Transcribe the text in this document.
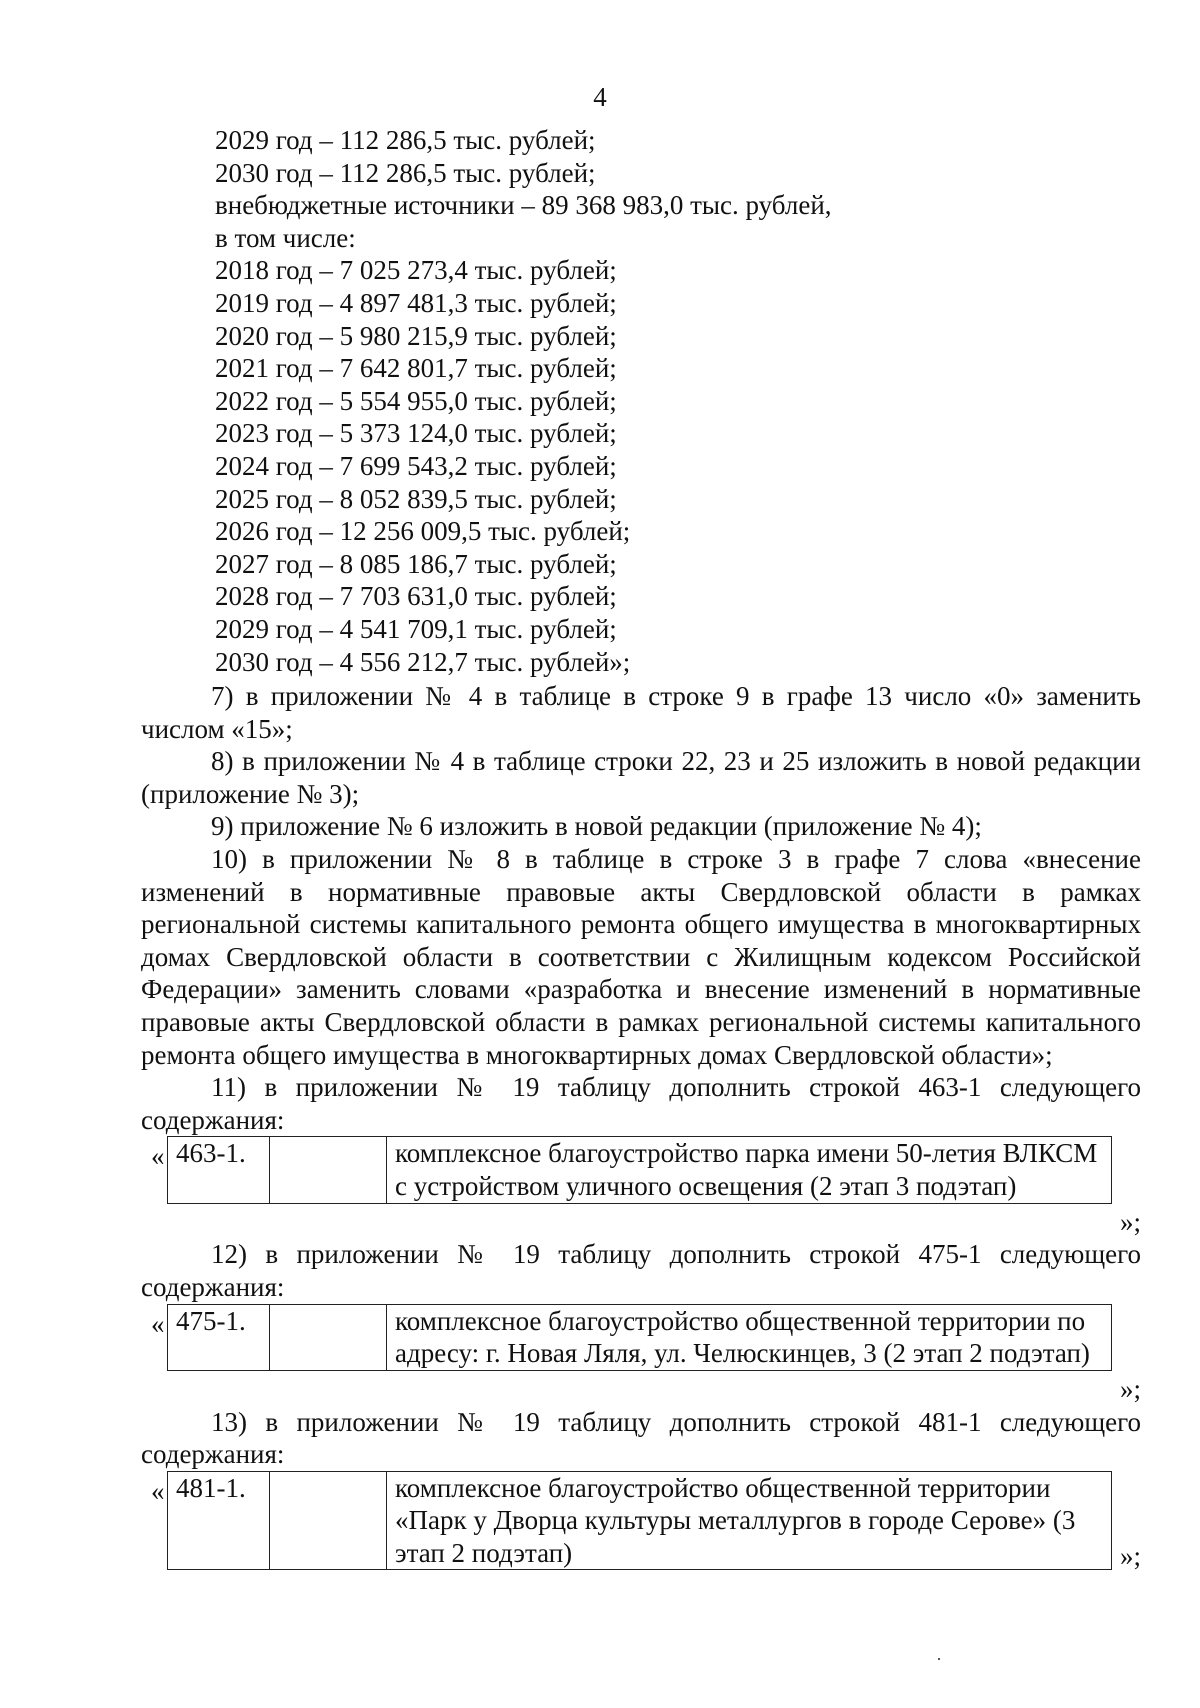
4
2029 год – 112 286,5 тыс. рублей;
2030 год – 112 286,5 тыс. рублей;
внебюджетные источники – 89 368 983,0 тыс. рублей,
в том числе:
2018 год – 7 025 273,4 тыс. рублей;
2019 год – 4 897 481,3 тыс. рублей;
2020 год – 5 980 215,9 тыс. рублей;
2021 год – 7 642 801,7 тыс. рублей;
2022 год – 5 554 955,0 тыс. рублей;
2023 год – 5 373 124,0 тыс. рублей;
2024 год – 7 699 543,2 тыс. рублей;
2025 год – 8 052 839,5 тыс. рублей;
2026 год – 12 256 009,5 тыс. рублей;
2027 год – 8 085 186,7 тыс. рублей;
2028 год – 7 703 631,0 тыс. рублей;
2029 год – 4 541 709,1 тыс. рублей;
2030 год – 4 556 212,7 тыс. рублей»;

7) в приложении № 4 в таблице в строке 9 в графе 13 число «0» заменить числом «15»;

8) в приложении № 4 в таблице строки 22, 23 и 25 изложить в новой редакции (приложение № 3);

9) приложение № 6 изложить в новой редакции (приложение № 4);

10) в приложении № 8 в таблице в строке 3 в графе 7 слова «внесение изменений в нормативные правовые акты Свердловской области в рамках региональной системы капитального ремонта общего имущества в многоквартирных домах Свердловской области в соответствии с Жилищным кодексом Российской Федерации» заменить словами «разработка и внесение изменений в нормативные правовые акты Свердловской области в рамках региональной системы капитального ремонта общего имущества в многоквартирных домах Свердловской области»;

11) в приложении № 19 таблицу дополнить строкой 463-1 следующего содержания:

« 463-1.		комплексное благоустройство парка имени 50-летия ВЛКСМ с устройством уличного освещения (2 этап 3 подэтап)
»;

12) в приложении № 19 таблицу дополнить строкой 475-1 следующего содержания:

« 475-1.		комплексное благоустройство общественной территории по адресу: г. Новая Ляля, ул. Челюскинцев, 3 (2 этап 2 подэтап)
»;

13) в приложении № 19 таблицу дополнить строкой 481-1 следующего содержания:

« 481-1.		комплексное благоустройство общественной территории «Парк у Дворца культуры металлургов в городе Серове» (3 этап 2 подэтап)	»;
